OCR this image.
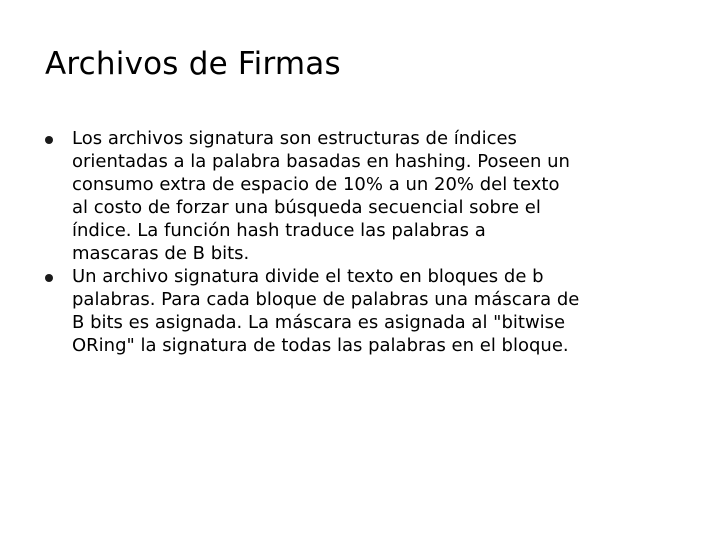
Archivos de Firmas
Los archivos signatura son estructuras de índices
orientadas a la palabra basadas en hashing. Poseen un
consumo extra de espacio de 10% a un 20% del texto
al costo de forzar una búsqueda secuencial sobre el
índice. La función hash traduce las palabras a
mascaras de B bits.
Un archivo signatura divide el texto en bloques de b
palabras. Para cada bloque de palabras una máscara de
B bits es asignada. La máscara es asignada al "bitwise
ORing" la signatura de todas las palabras en el bloque.
